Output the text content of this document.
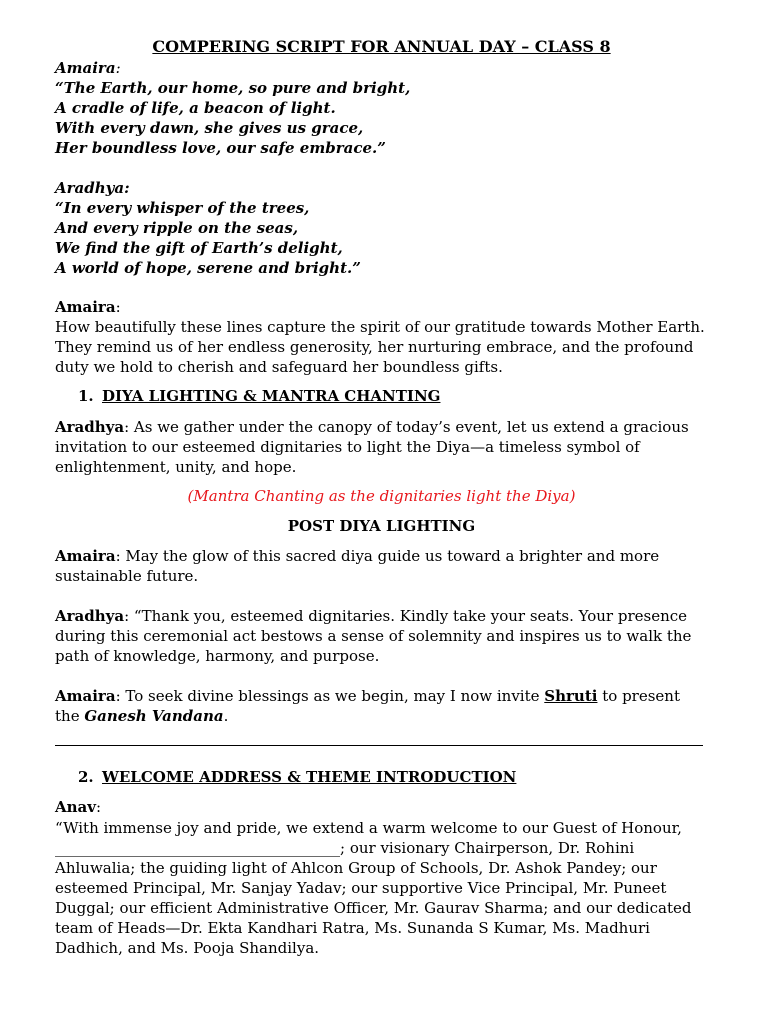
COMPERING SCRIPT FOR ANNUAL DAY – CLASS 8
Amaira:
“The Earth, our home, so pure and bright,
A cradle of life, a beacon of light.
With every dawn, she gives us grace,
Her boundless love, our safe embrace.”
Aradhya:
“In every whisper of the trees,
And every ripple on the seas,
We find the gift of Earth’s delight,
A world of hope, serene and bright.”
Amaira:
How beautifully these lines capture the spirit of our gratitude towards Mother Earth.
They remind us of her endless generosity, her nurturing embrace, and the profound
duty we hold to cherish and safeguard her boundless gifts.
1. DIYA LIGHTING & MANTRA CHANTING
Aradhya: As we gather under the canopy of today’s event, let us extend a gracious
invitation to our esteemed dignitaries to light the Diya—a timeless symbol of
enlightenment, unity, and hope.
(Mantra Chanting as the dignitaries light the Diya)
POST DIYA LIGHTING
Amaira: May the glow of this sacred diya guide us toward a brighter and more
sustainable future.
Aradhya: “Thank you, esteemed dignitaries. Kindly take your seats. Your presence
during this ceremonial act bestows a sense of solemnity and inspires us to walk the
path of knowledge, harmony, and purpose.
Amaira: To seek divine blessings as we begin, may I now invite Shruti to present
the Ganesh Vandana.
2. WELCOME ADDRESS & THEME INTRODUCTION
Anav:
“With immense joy and pride, we extend a warm welcome to our Guest of Honour,
______________________________________; our visionary Chairperson, Dr. Rohini
Ahluwalia; the guiding light of Ahlcon Group of Schools, Dr. Ashok Pandey; our
esteemed Principal, Mr. Sanjay Yadav; our supportive Vice Principal, Mr. Puneet
Duggal; our efficient Administrative Officer, Mr. Gaurav Sharma; and our dedicated
team of Heads—Dr. Ekta Kandhari Ratra, Ms. Sunanda S Kumar, Ms. Madhuri
Dadhich, and Ms. Pooja Shandilya.
